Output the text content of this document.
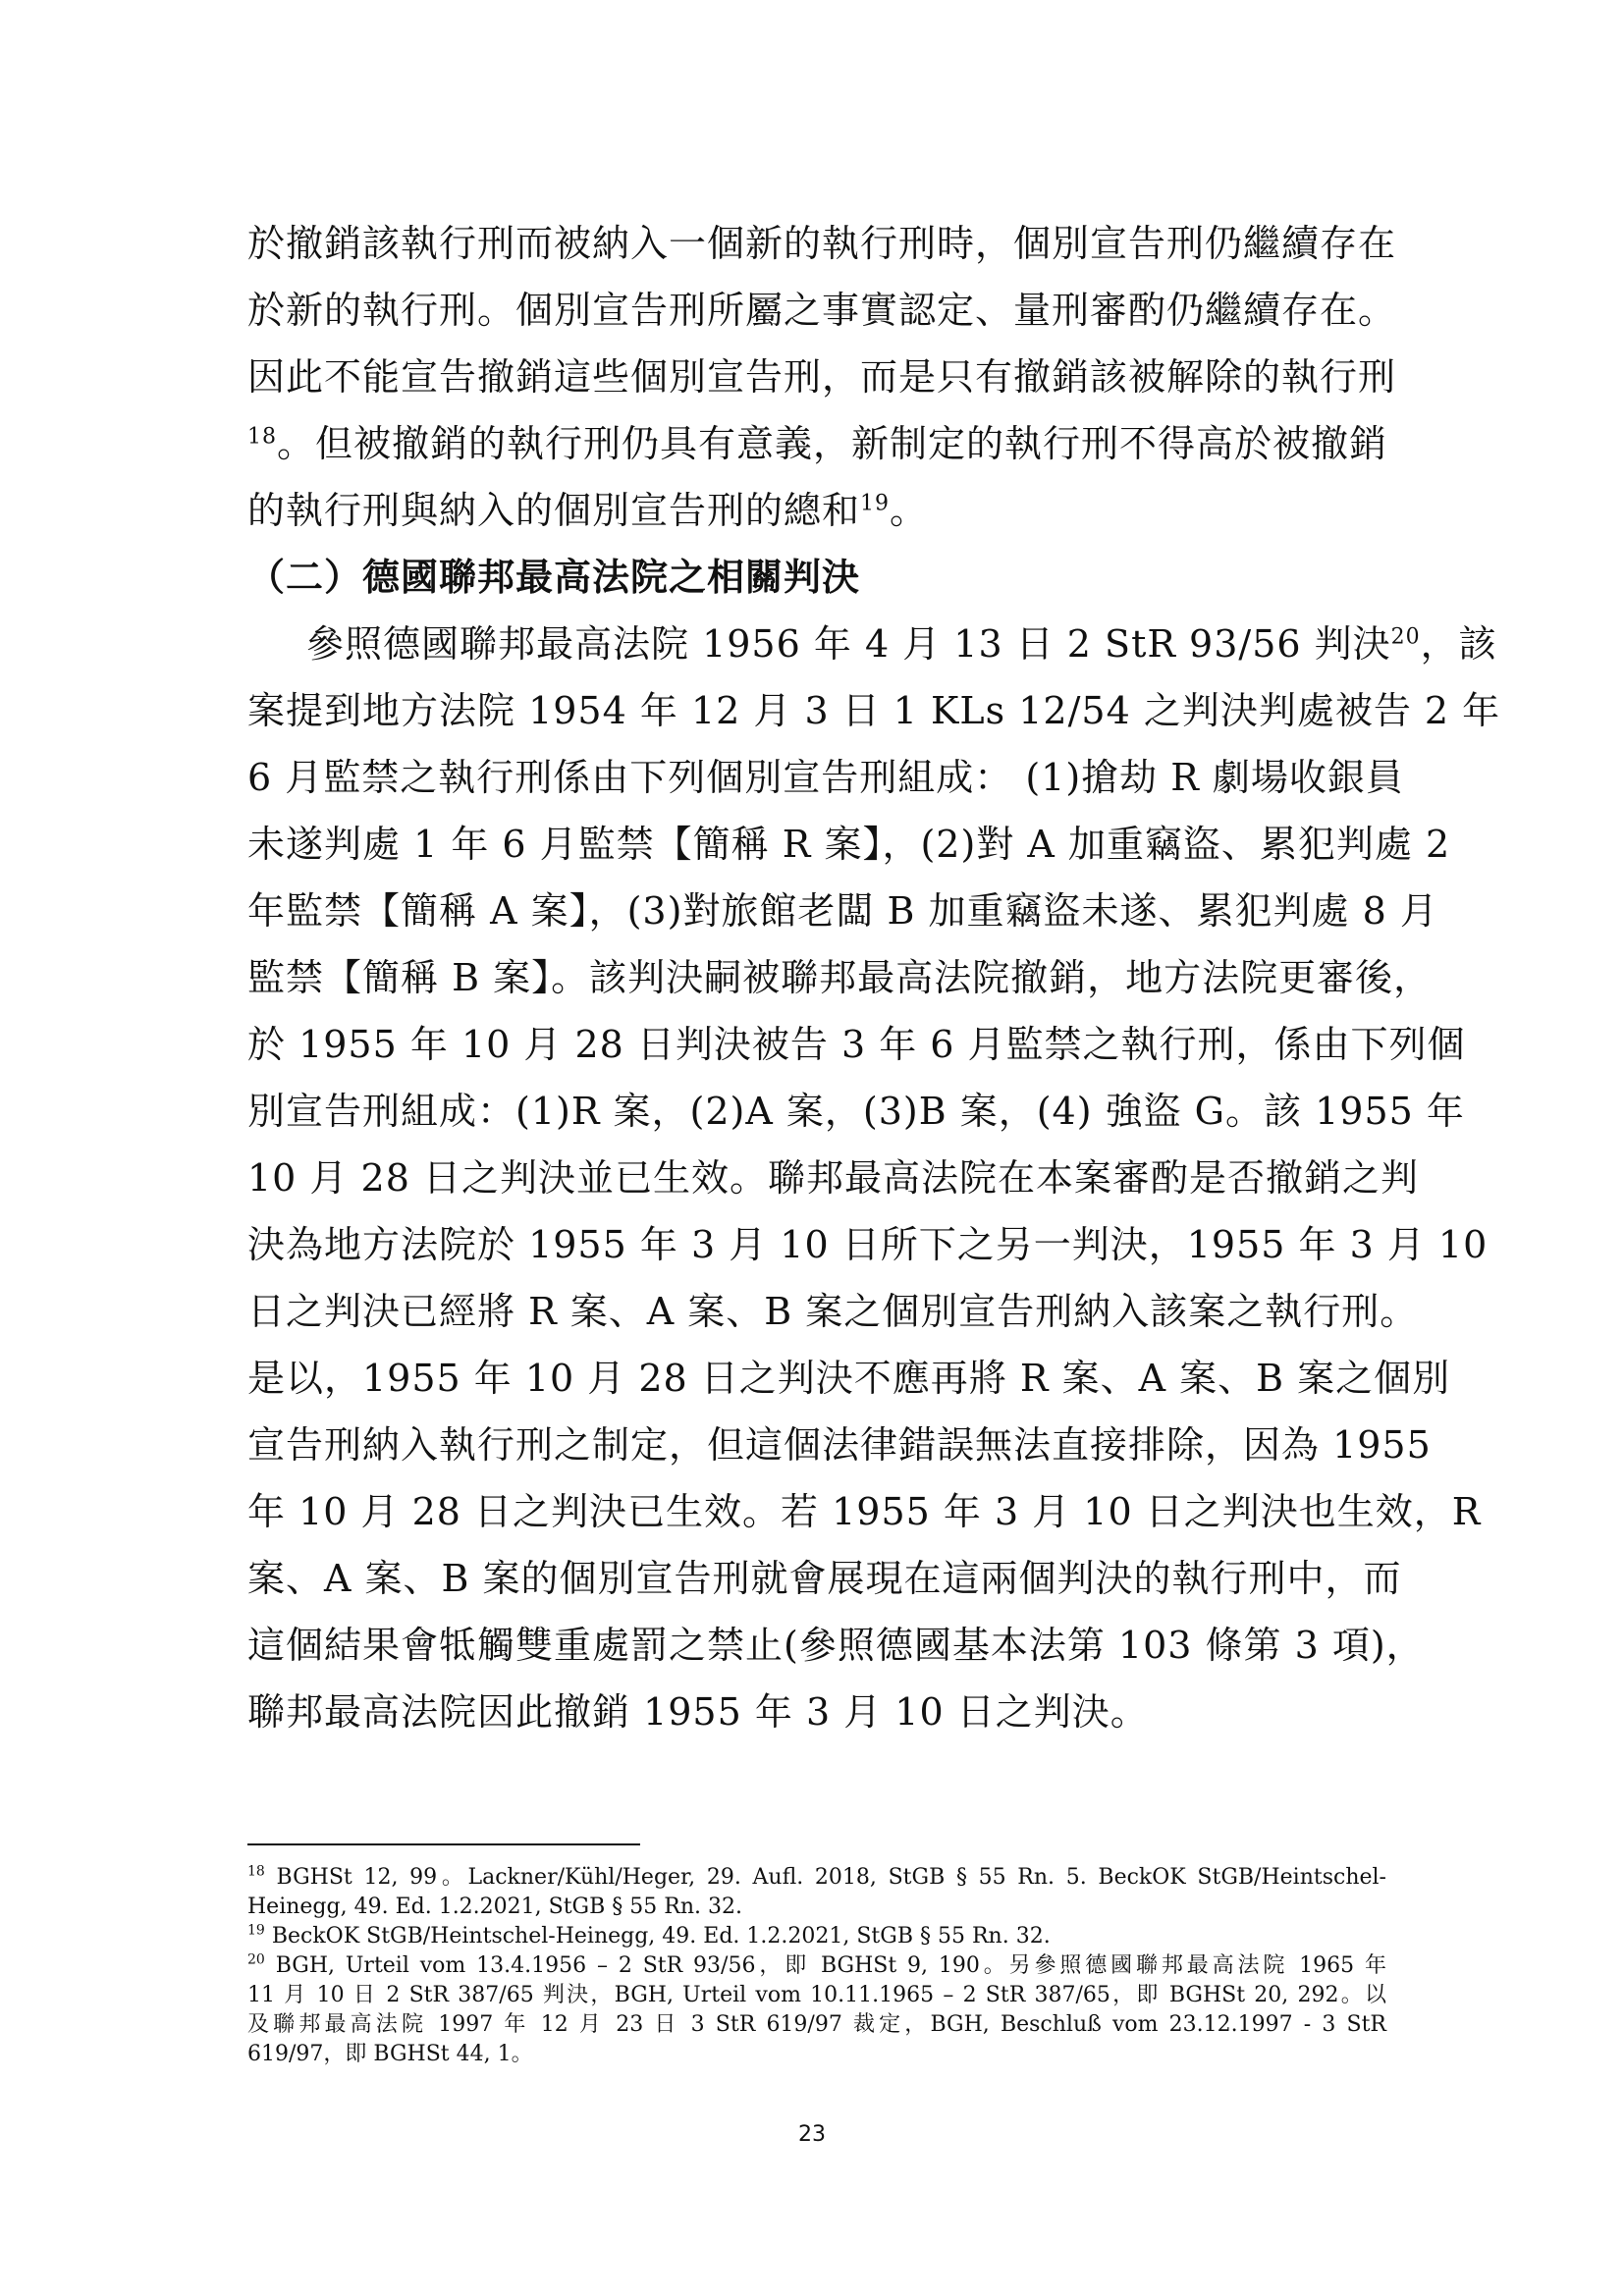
於撤銷該執行刑而被納入一個新的執行刑時，個別宣告刑仍繼續存在
於新的執行刑。個別宣告刑所屬之事實認定、量刑審酌仍繼續存在。
因此不能宣告撤銷這些個別宣告刑，而是只有撤銷該被解除的執行刑
$^{18}$。但被撤銷的執行刑仍具有意義，新制定的執行刑不得高於被撤銷
的執行刑與納入的個別宣告刑的總和$^{19}$。
（二）德國聯邦最高法院之相關判決
參照德國聯邦最高法院 1956 年 4 月 13 日 2 StR 93/56 判決$^{20}$，該
案提到地方法院 1954 年 12 月 3 日 1 KLs 12/54 之判決判處被告 2 年
6 月監禁之執行刑係由下列個別宣告刑組成： (1)搶劫 R 劇場收銀員
未遂判處 1 年 6 月監禁【簡稱 R 案】，(2)對 A 加重竊盜、累犯判處 2
年監禁【簡稱 A 案】，(3)對旅館老闆 B 加重竊盜未遂、累犯判處 8 月
監禁【簡稱 B 案】。該判決嗣被聯邦最高法院撤銷，地方法院更審後，
於 1955 年 10 月 28 日判決被告 3 年 6 月監禁之執行刑，係由下列個
別宣告刑組成：(1)R 案，(2)A 案，(3)B 案，(4) 強盜 G。該 1955 年
10 月 28 日之判決並已生效。聯邦最高法院在本案審酌是否撤銷之判
決為地方法院於 1955 年 3 月 10 日所下之另一判決，1955 年 3 月 10
日之判決已經將 R 案、A 案、B 案之個別宣告刑納入該案之執行刑。
是以，1955 年 10 月 28 日之判決不應再將 R 案、A 案、B 案之個別
宣告刑納入執行刑之制定，但這個法律錯誤無法直接排除，因為 1955
年 10 月 28 日之判決已生效。若 1955 年 3 月 10 日之判決也生效，R
案、A 案、B 案的個別宣告刑就會展現在這兩個判決的執行刑中，而
這個結果會牴觸雙重處罰之禁止(參照德國基本法第 103 條第 3 項)，
聯邦最高法院因此撤銷 1955 年 3 月 10 日之判決。
$^{18}$ BGHSt 12, 99。Lackner/Kühl/Heger, 29. Aufl. 2018, StGB § 55 Rn. 5. BeckOK StGB/Heintschel-
Heinegg, 49. Ed. 1.2.2021, StGB § 55 Rn. 32.
$^{19}$ BeckOK StGB/Heintschel-Heinegg, 49. Ed. 1.2.2021, StGB § 55 Rn. 32.
$^{20}$ BGH, Urteil vom 13.4.1956 – 2 StR 93/56，即 BGHSt 9, 190。另參照德國聯邦最高法院 1965 年
11 月 10 日 2 StR 387/65 判決，BGH, Urteil vom 10.11.1965 – 2 StR 387/65，即 BGHSt 20, 292。以
及聯邦最高法院 1997 年 12 月 23 日 3 StR 619/97 裁定，BGH, Beschluß vom 23.12.1997 - 3 StR
619/97，即 BGHSt 44, 1。
23
